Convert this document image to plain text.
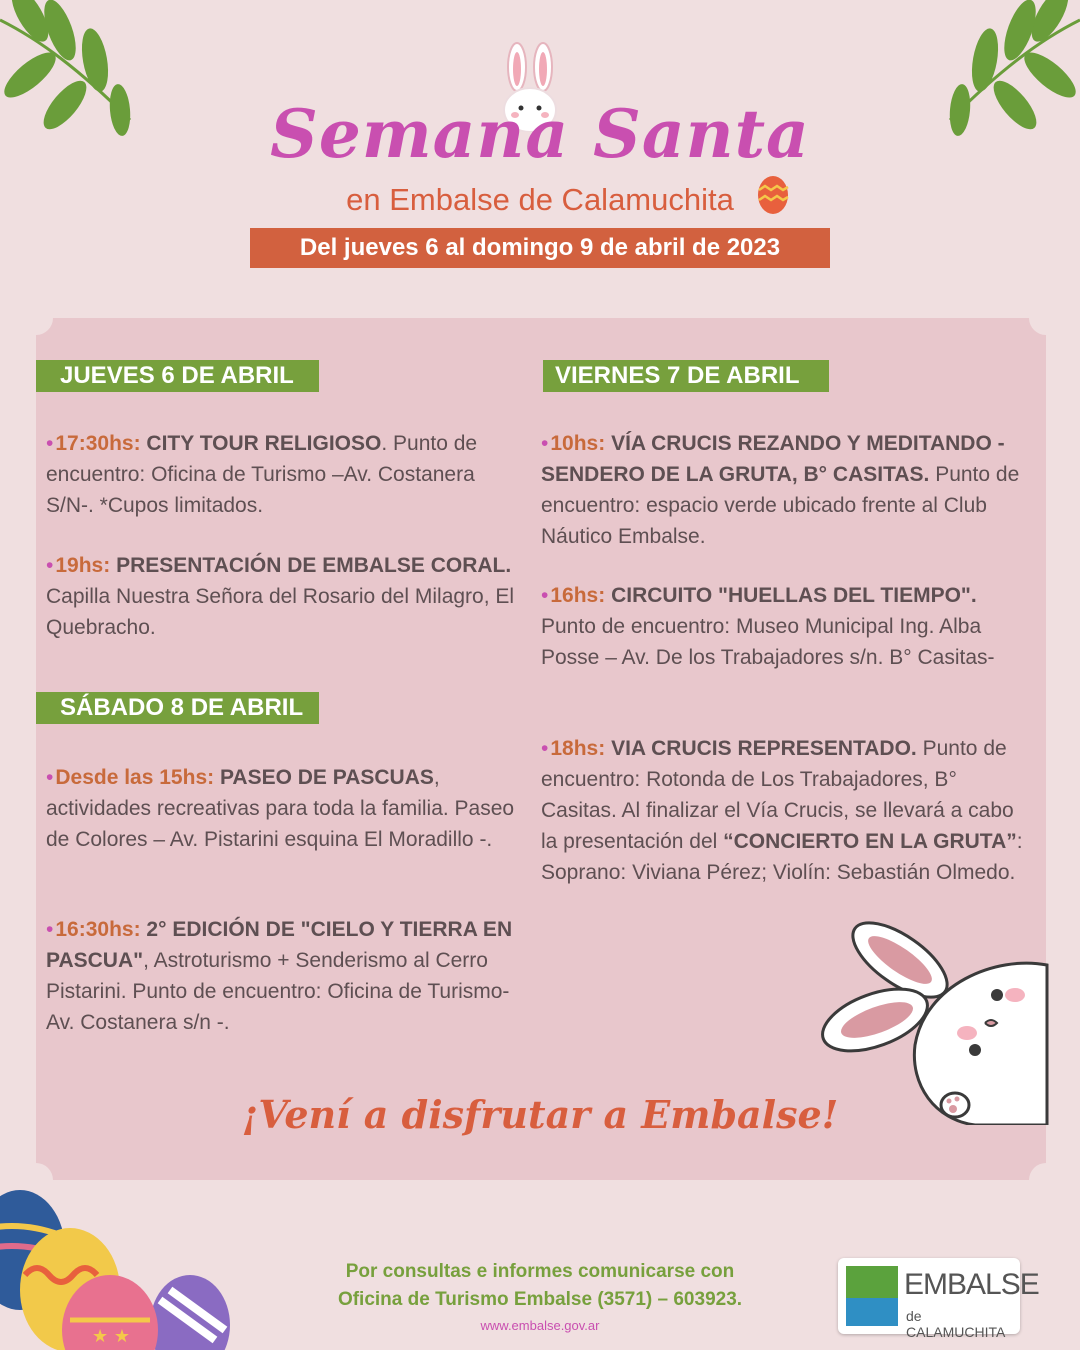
Semana Santa
en Embalse de Calamuchita
Del jueves 6 al domingo 9 de abril de 2023
JUEVES 6 DE ABRIL

•17:30hs: CITY TOUR RELIGIOSO. Punto de encuentro: Oficina de Turismo –Av. Costanera S/N-. *Cupos limitados.

•19hs: PRESENTACIÓN DE EMBALSE CORAL. Capilla Nuestra Señora del Rosario del Milagro, El Quebracho.

SÁBADO 8 DE ABRIL

•Desde las 15hs: PASEO DE PASCUAS, actividades recreativas para toda la familia. Paseo de Colores – Av. Pistarini esquina El Moradillo -.

•16:30hs: 2° EDICIÓN DE "CIELO Y TIERRA EN PASCUA", Astroturismo + Senderismo al Cerro Pistarini. Punto de encuentro: Oficina de Turismo- Av. Costanera s/n -.

VIERNES 7 DE ABRIL

•10hs: VÍA CRUCIS REZANDO Y MEDITANDO - SENDERO DE LA GRUTA, B° CASITAS. Punto de encuentro: espacio verde ubicado frente al Club Náutico Embalse.

•16hs: CIRCUITO "HUELLAS DEL TIEMPO". Punto de encuentro: Museo Municipal Ing. Alba Posse – Av. De los Trabajadores s/n. B° Casitas-

•18hs: VIA CRUCIS REPRESENTADO. Punto de encuentro: Rotonda de Los Trabajadores, B° Casitas. Al finalizar el Vía Crucis, se llevará a cabo la presentación del “CONCIERTO EN LA GRUTA”: Soprano: Viviana Pérez; Violín: Sebastián Olmedo.

¡Vení a disfrutar a Embalse!
★ ★
Por consultas e informes comunicarse con
Oficina de Turismo Embalse (3571) – 603923.
www.embalse.gov.ar
EMBALSE
de CALAMUCHITA
